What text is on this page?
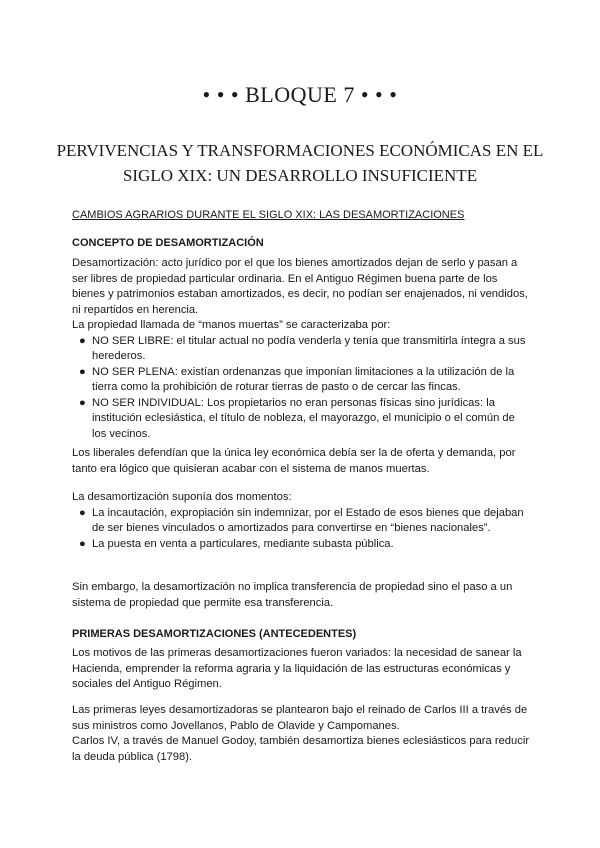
• • • BLOQUE 7 • • •
PERVIVENCIAS Y TRANSFORMACIONES ECONÓMICAS EN EL SIGLO XIX: UN DESARROLLO INSUFICIENTE
CAMBIOS AGRARIOS DURANTE EL SIGLO XIX: LAS DESAMORTIZACIONES
CONCEPTO DE DESAMORTIZACIÓN

Desamortización: acto jurídico por el que los bienes amortizados dejan de serlo y pasan a ser libres de propiedad particular ordinaria. En el Antiguo Régimen buena parte de los bienes y patrimonios estaban amortizados, es decir, no podían ser enajenados, ni vendidos, ni repartidos en herencia.

La propiedad llamada de “manos muertas” se caracterizaba por:

● NO SER LIBRE: el titular actual no podía venderla y tenía que transmitirla íntegra a sus herederos.
● NO SER PLENA: existían ordenanzas que imponían limitaciones a la utilización de la tierra como la prohibición de roturar tierras de pasto o de cercar las fincas.
● NO SER INDIVIDUAL: Los propietarios no eran personas físicas sino jurídicas: la institución eclesiástica, el título de nobleza, el mayorazgo, el municipio o el común de los vecinos.
Los liberales defendían que la única ley económica debía ser la de oferta y demanda, por tanto era lógico que quisieran acabar con el sistema de manos muertas.

La desamortización suponía dos momentos:

● La incautación, expropiación sin indemnizar, por el Estado de esos bienes que dejaban de ser bienes vinculados o amortizados para convertirse en “bienes nacionales”.
● La puesta en venta a particulares, mediante subasta pública.
Sin embargo, la desamortización no implica transferencia de propiedad sino el paso a un sistema de propiedad que permite esa transferencia.
PRIMERAS DESAMORTIZACIONES (ANTECEDENTES)
Los motivos de las primeras desamortizaciones fueron variados: la necesidad de sanear la Hacienda, emprender la reforma agraria y la liquidación de las estructuras económicas y sociales del Antiguo Régimen.

Las primeras leyes desamortizadoras se plantearon bajo el reinado de Carlos III a través de sus ministros como Jovellanos, Pablo de Olavide y Campomanes.

Carlos IV, a través de Manuel Godoy, también desamortiza bienes eclesiásticos para reducir la deuda pública (1798).
